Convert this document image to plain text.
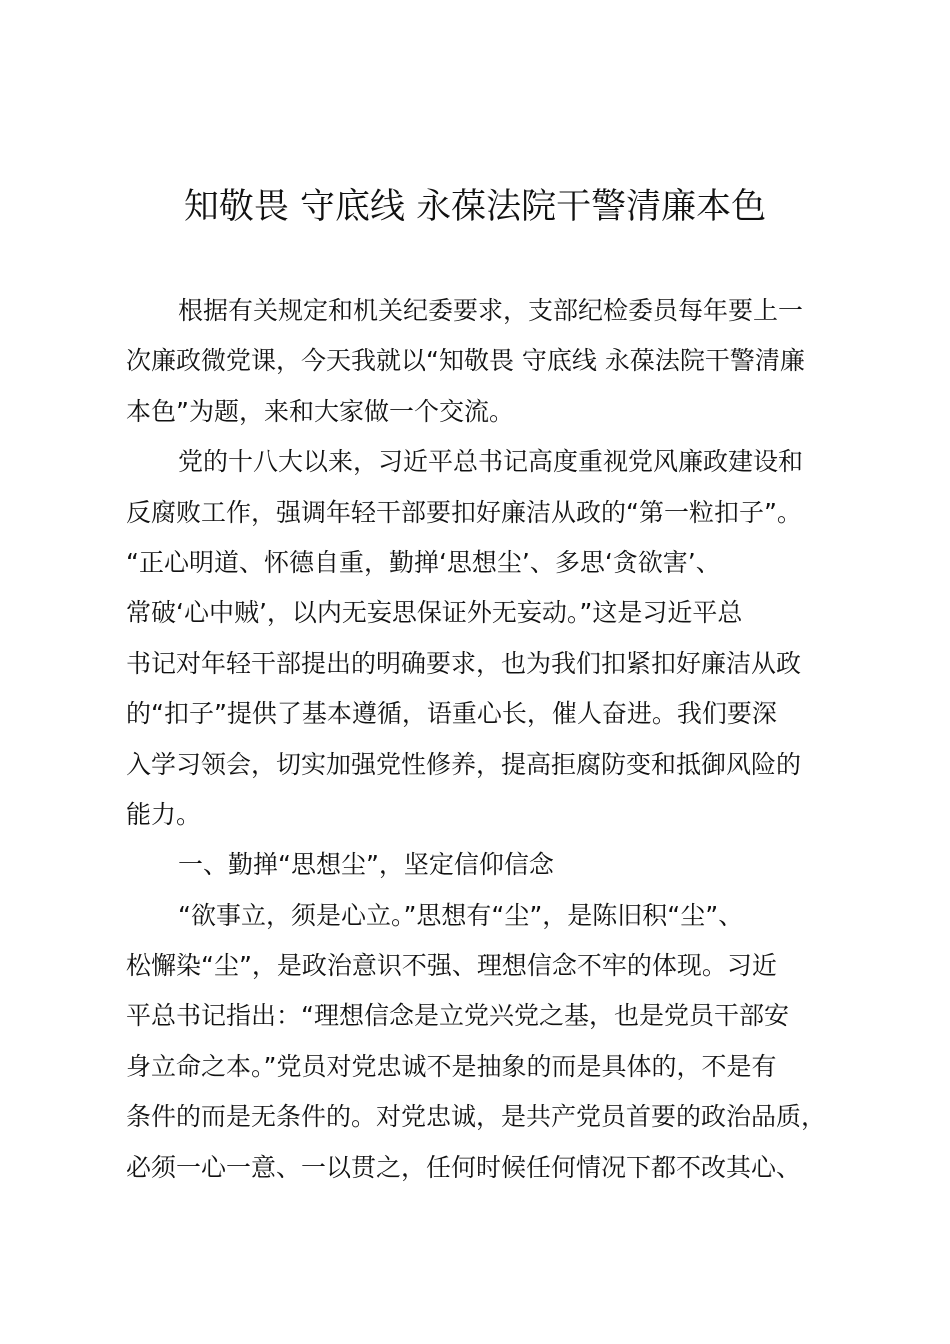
知敬畏 守底线 永葆法院干警清廉本色
根据有关规定和机关纪委要求，支部纪检委员每年要上一
次廉政微党课，今天我就以“知敬畏 守底线 永葆法院干警清廉
本色”为题，来和大家做一个交流。
党的十八大以来，习近平总书记高度重视党风廉政建设和
反腐败工作，强调年轻干部要扣好廉洁从政的“第一粒扣子”。
“正心明道、怀德自重，勤掸‘思想尘’、多思‘贪欲害’、
常破‘心中贼’，以内无妄思保证外无妄动。”这是习近平总
书记对年轻干部提出的明确要求，也为我们扣紧扣好廉洁从政
的“扣子”提供了基本遵循，语重心长，催人奋进。我们要深
入学习领会，切实加强党性修养，提高拒腐防变和抵御风险的
能力。
一、勤掸“思想尘”，坚定信仰信念
“欲事立，须是心立。”思想有“尘”，是陈旧积“尘”、
松懈染“尘”，是政治意识不强、理想信念不牢的体现。习近
平总书记指出：“理想信念是立党兴党之基，也是党员干部安
身立命之本。”党员对党忠诚不是抽象的而是具体的，不是有
条件的而是无条件的。对党忠诚，是共产党员首要的政治品质，
必须一心一意、一以贯之，任何时候任何情况下都不改其心、
